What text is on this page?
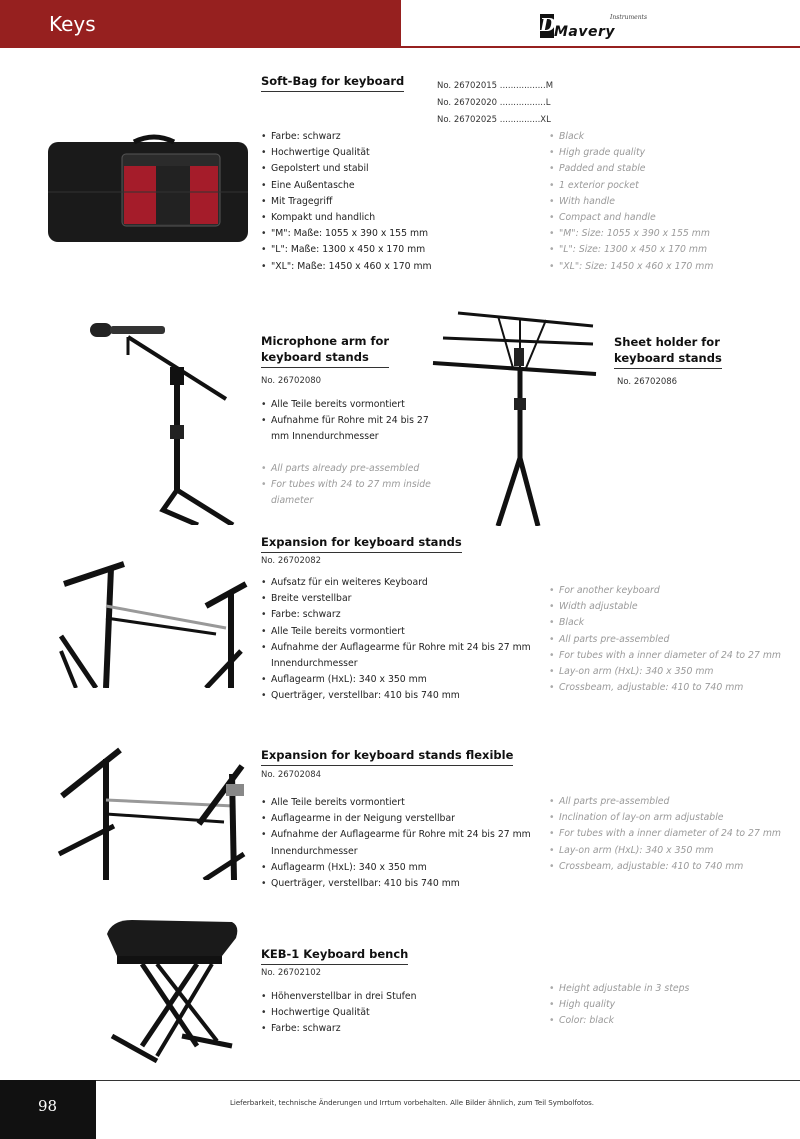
Keys	D
Mavery
Instruments
Soft-Bag for keyboard	No. 26702015 .................M
No. 26702020 .................L
No. 26702025 ...............XL
• Farbe: schwarz
• Hochwertige Qualität
• Gepolstert und stabil
• Eine Außentasche
• Mit Tragegriff
• Kompakt und handlich
• "M": Maße: 1055 x 390 x 155 mm
• "L": Maße: 1300 x 450 x 170 mm
• "XL": Maße: 1450 x 460 x 170 mm
• Black
• High grade quality
• Padded and stable
• 1 exterior pocket
• With handle
• Compact and handle
• "M": Size: 1055 x 390 x 155 mm
• "L": Size: 1300 x 450 x 170 mm
• "XL": Size: 1450 x 460 x 170 mm
Microphone arm for
keyboard stands
No. 26702080
• Alle Teile bereits vormontiert
• Aufnahme für Rohre mit 24 bis 27
mm Innendurchmesser
• All parts already pre-assembled
• For tubes with 24 to 27 mm inside
diameter
Sheet holder for
keyboard stands
No. 26702086
Expansion for keyboard stands
No. 26702082
• Aufsatz für ein weiteres Keyboard
• Breite verstellbar
• Farbe: schwarz
• Alle Teile bereits vormontiert
• Aufnahme der Auflagearme für Rohre mit 24 bis 27 mm
Innendurchmesser
• Auflagearm (HxL): 340 x 350 mm
• Querträger, verstellbar: 410 bis 740 mm
• For another keyboard
• Width adjustable
• Black
• All parts pre-assembled
• For tubes with a inner diameter of 24 to 27 mm
• Lay-on arm (HxL): 340 x 350 mm
• Crossbeam, adjustable: 410 to 740 mm
Expansion for keyboard stands flexible
No. 26702084
• Alle Teile bereits vormontiert
• Auflagearme in der Neigung verstellbar
• Aufnahme der Auflagearme für Rohre mit 24 bis 27 mm
Innendurchmesser
• Auflagearm (HxL): 340 x 350 mm
• Querträger, verstellbar: 410 bis 740 mm
• All parts pre-assembled
• Inclination of lay-on arm adjustable
• For tubes with a inner diameter of 24 to 27 mm
• Lay-on arm (HxL): 340 x 350 mm
• Crossbeam, adjustable: 410 to 740 mm
KEB-1 Keyboard bench
No. 26702102
• Höhenverstellbar in drei Stufen
• Hochwertige Qualität
• Farbe: schwarz
• Height adjustable in 3 steps
• High quality
• Color: black
98	Lieferbarkeit, technische Änderungen und Irrtum vorbehalten. Alle Bilder ähnlich, zum Teil Symbolfotos.
